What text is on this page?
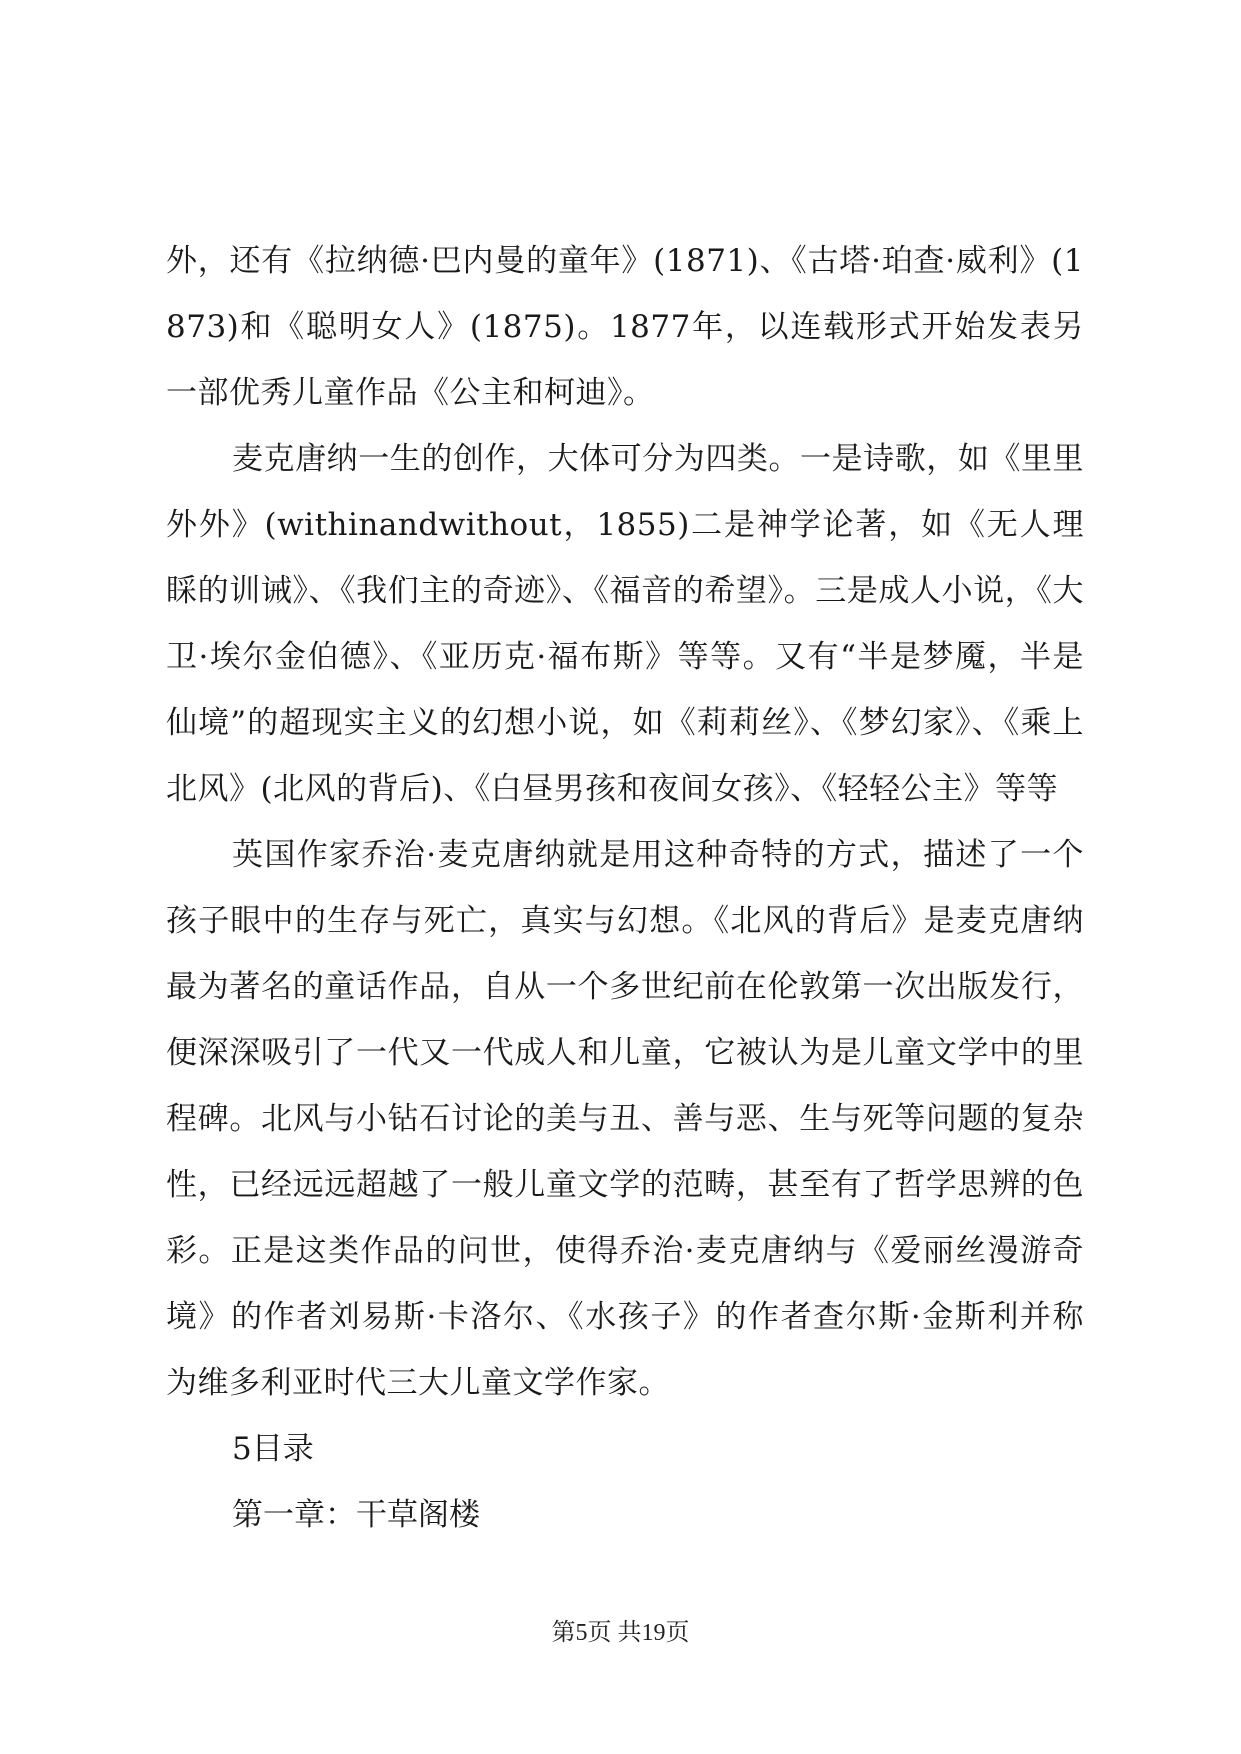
外，还有《拉纳德·巴内曼的童年》(1871)、《古塔·珀查·威利》(1873)和《聪明女人》(1875)。1877年，以连载形式开始发表另一部优秀儿童作品《公主和柯迪》。

麦克唐纳一生的创作，大体可分为四类。一是诗歌，如《里里外外》(withinandwithout，1855)二是神学论著，如《无人理睬的训诫》、《我们主的奇迹》、《福音的希望》。三是成人小说，《大卫·埃尔金伯德》、《亚历克·福布斯》等等。又有“半是梦魇，半是仙境”的超现实主义的幻想小说，如《莉莉丝》、《梦幻家》、《乘上北风》(北风的背后)、《白昼男孩和夜间女孩》、《轻轻公主》等等

英国作家乔治·麦克唐纳就是用这种奇特的方式，描述了一个孩子眼中的生存与死亡，真实与幻想。《北风的背后》是麦克唐纳最为著名的童话作品，自从一个多世纪前在伦敦第一次出版发行，便深深吸引了一代又一代成人和儿童，它被认为是儿童文学中的里程碑。北风与小钻石讨论的美与丑、善与恶、生与死等问题的复杂性，已经远远超越了一般儿童文学的范畴，甚至有了哲学思辨的色彩。正是这类作品的问世，使得乔治·麦克唐纳与《爱丽丝漫游奇境》的作者刘易斯·卡洛尔、《水孩子》的作者查尔斯·金斯利并称为维多利亚时代三大儿童文学作家。

5目录

第一章：干草阁楼

第5页 共19页
